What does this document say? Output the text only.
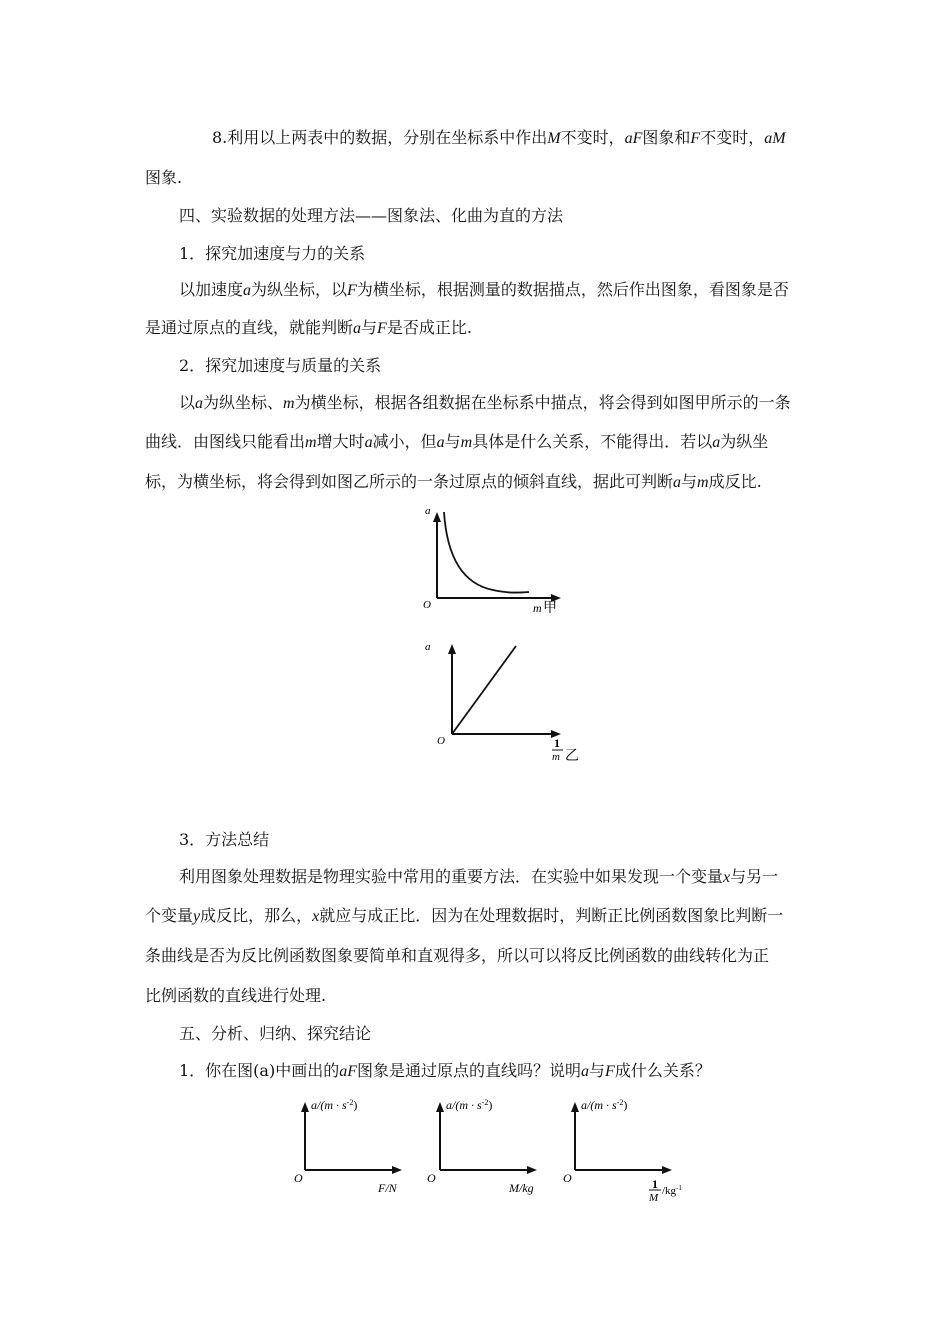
8.利用以上两表中的数据，分别在坐标系中作出M不变时，aF图象和F不变时，aM
图象.
四、实验数据的处理方法——图象法、化曲为直的方法
1．探究加速度与力的关系
以加速度a为纵坐标，以F为横坐标，根据测量的数据描点，然后作出图象，看图象是否
是通过原点的直线，就能判断a与F是否成正比.
2．探究加速度与质量的关系
以a为纵坐标、m为横坐标，根据各组数据在坐标系中描点，将会得到如图甲所示的一条
曲线．由图线只能看出m增大时a减小，但a与m具体是什么关系，不能得出．若以a为纵坐
标，为横坐标，将会得到如图乙所示的一条过原点的倾斜直线，据此可判断a与m成反比.
a
O	m 甲
a
O	1
m 乙
3．方法总结
利用图象处理数据是物理实验中常用的重要方法．在实验中如果发现一个变量x与另一
个变量y成反比，那么，x就应与成正比．因为在处理数据时，判断正比例函数图象比判断一
条曲线是否为反比例函数图象要简单和直观得多，所以可以将反比例函数的曲线转化为正
比例函数的直线进行处理.
五、分析、归纳、探究结论
1．你在图(a)中画出的aF图象是通过原点的直线吗？说明a与F成什么关系？
$a/(m \cdot s^{-2})$
O
F/N
$a/(m \cdot s^{-2})$
O
M/kg
$a/(m \cdot s^{-2})$
O	1
M
$/kg^{-1}$
